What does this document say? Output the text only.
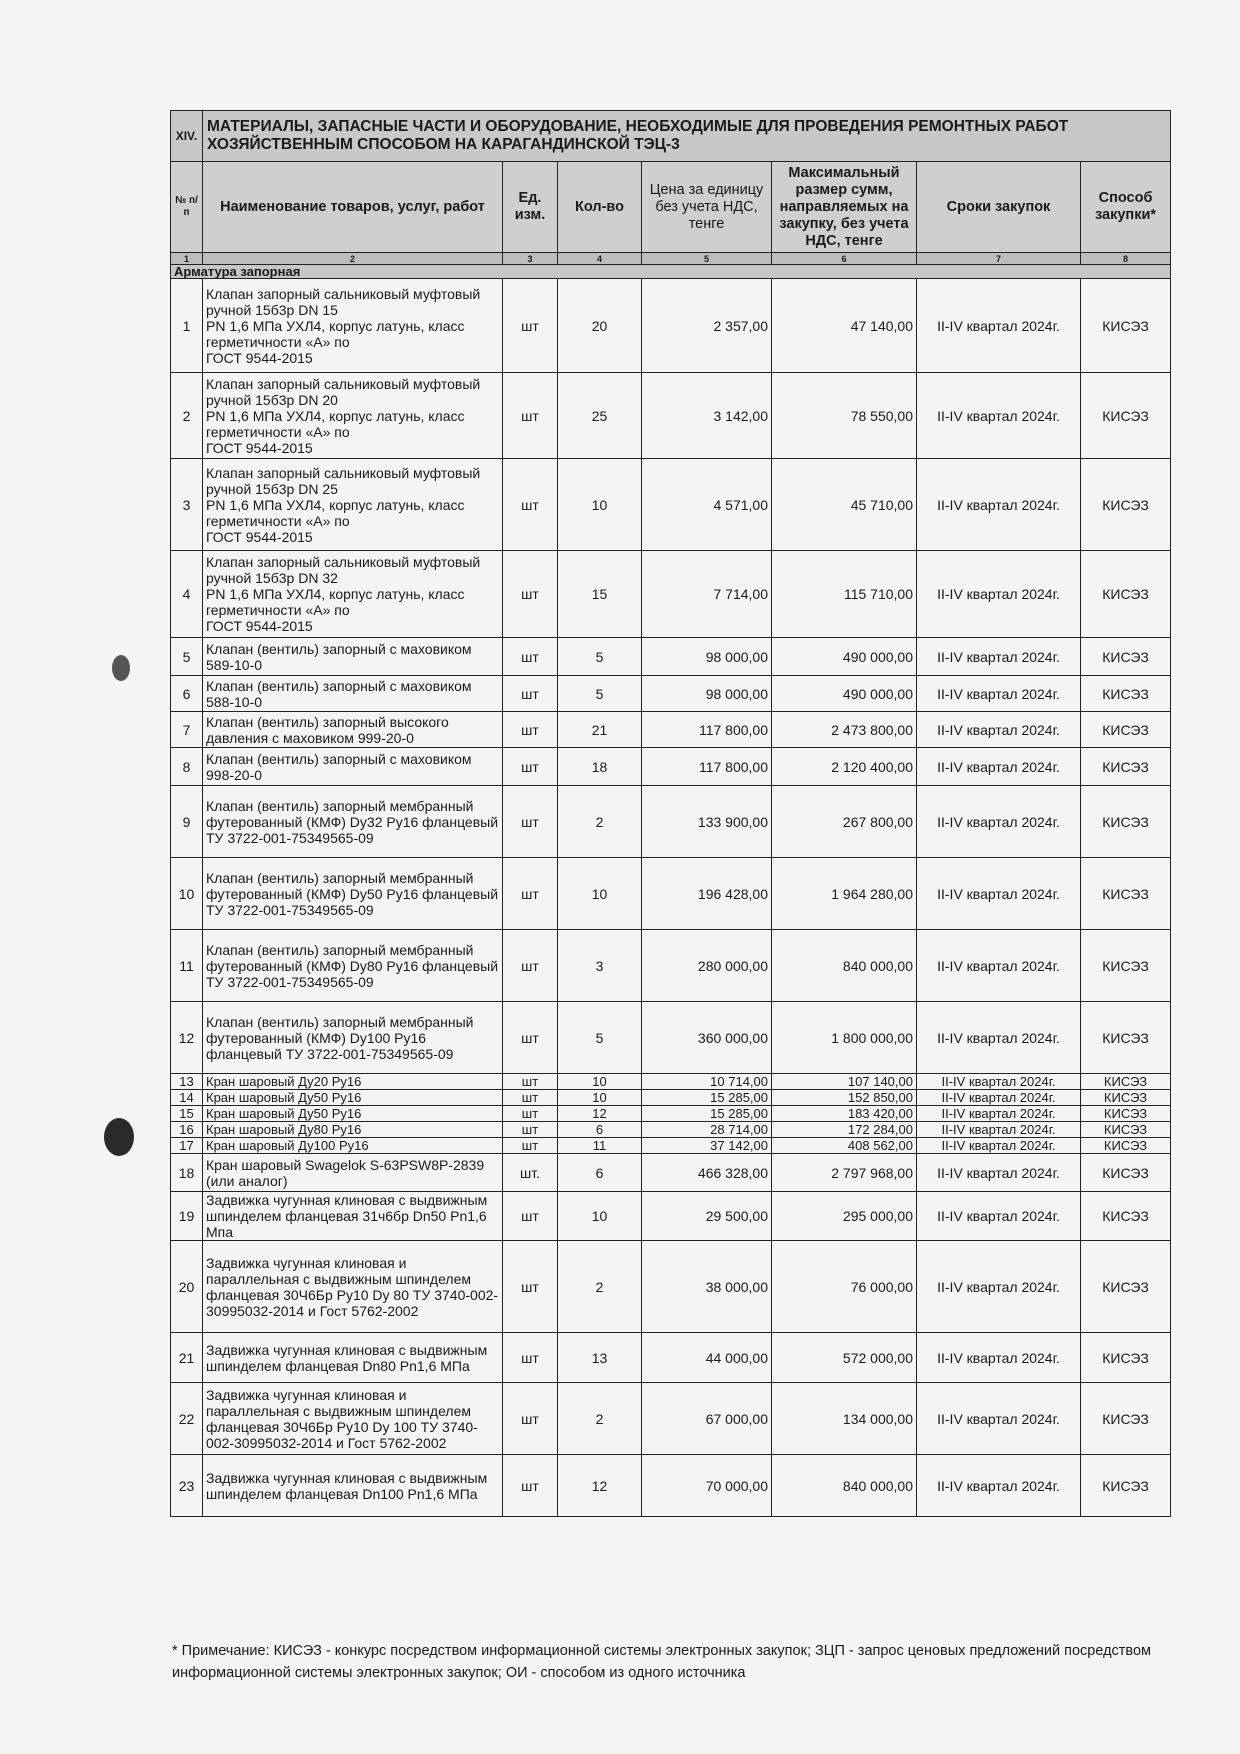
XIV.	МАТЕРИАЛЫ, ЗАПАСНЫЕ ЧАСТИ И ОБОРУДОВАНИЕ, НЕОБХОДИМЫЕ ДЛЯ ПРОВЕДЕНИЯ РЕМОНТНЫХ РАБОТ ХОЗЯЙСТВЕННЫМ СПОСОБОМ НА КАРАГАНДИНСКОЙ ТЭЦ-3						
№ п/п	Наименование товаров, услуг, работ	Ед. изм.	Кол-во	Цена за единицу без учета НДС, тенге	Максимальный размер сумм, направляемых на закупку, без учета НДС, тенге	Сроки закупок	Способ закупки*
1	2	3	4	5	6	7	8
Арматура запорная							
1	Клапан запорный сальниковый муфтовый ручной 15б3р DN 15
PN 1,6 МПа УХЛ4, корпус латунь, класс герметичности «А» по
ГОСТ 9544-2015	шт	20	2 357,00	47 140,00	II-IV квартал 2024г.	КИСЭЗ
2	Клапан запорный сальниковый муфтовый ручной 15б3р DN 20
PN 1,6 МПа УХЛ4, корпус латунь, класс герметичности «А» по
ГОСТ 9544-2015	шт	25	3 142,00	78 550,00	II-IV квартал 2024г.	КИСЭЗ
3	Клапан запорный сальниковый муфтовый ручной 15б3р DN 25
PN 1,6 МПа УХЛ4, корпус латунь, класс герметичности «А» по
ГОСТ 9544-2015	шт	10	4 571,00	45 710,00	II-IV квартал 2024г.	КИСЭЗ
4	Клапан запорный сальниковый муфтовый ручной 15б3р DN 32
PN 1,6 МПа УХЛ4, корпус латунь, класс герметичности «А» по
ГОСТ 9544-2015	шт	15	7 714,00	115 710,00	II-IV квартал 2024г.	КИСЭЗ
5	Клапан (вентиль) запорный с маховиком 589-10-0	шт	5	98 000,00	490 000,00	II-IV квартал 2024г.	КИСЭЗ
6	Клапан (вентиль) запорный с маховиком 588-10-0	шт	5	98 000,00	490 000,00	II-IV квартал 2024г.	КИСЭЗ
7	Клапан (вентиль) запорный высокого давления с маховиком 999-20-0	шт	21	117 800,00	2 473 800,00	II-IV квартал 2024г.	КИСЭЗ
8	Клапан (вентиль) запорный с маховиком 998-20-0	шт	18	117 800,00	2 120 400,00	II-IV квартал 2024г.	КИСЭЗ
9	Клапан (вентиль) запорный мембранный футерованный (КМФ) Dy32 Py16 фланцевый ТУ 3722-001-75349565-09	шт	2	133 900,00	267 800,00	II-IV квартал 2024г.	КИСЭЗ
10	Клапан (вентиль) запорный мембранный футерованный (КМФ) Dy50 Py16 фланцевый ТУ 3722-001-75349565-09	шт	10	196 428,00	1 964 280,00	II-IV квартал 2024г.	КИСЭЗ
11	Клапан (вентиль) запорный мембранный футерованный (КМФ) Dy80 Py16 фланцевый ТУ 3722-001-75349565-09	шт	3	280 000,00	840 000,00	II-IV квартал 2024г.	КИСЭЗ
12	Клапан (вентиль) запорный мембранный футерованный (КМФ) Dy100 Py16 фланцевый ТУ 3722-001-75349565-09	шт	5	360 000,00	1 800 000,00	II-IV квартал 2024г.	КИСЭЗ
13	Кран шаровый Ду20 Ру16	шт	10	10 714,00	107 140,00	II-IV квартал 2024г.	КИСЭЗ
14	Кран шаровый Ду50 Ру16	шт	10	15 285,00	152 850,00	II-IV квартал 2024г.	КИСЭЗ
15	Кран шаровый Ду50 Ру16	шт	12	15 285,00	183 420,00	II-IV квартал 2024г.	КИСЭЗ
16	Кран шаровый Ду80 Ру16	шт	6	28 714,00	172 284,00	II-IV квартал 2024г.	КИСЭЗ
17	Кран шаровый Ду100 Ру16	шт	11	37 142,00	408 562,00	II-IV квартал 2024г.	КИСЭЗ
18	Кран шаровый Swagelok S-63PSW8P-2839 (или аналог)	шт.	6	466 328,00	2 797 968,00	II-IV квартал 2024г.	КИСЭЗ
19	Задвижка чугунная клиновая с выдвижным шпинделем фланцевая 31ч6бр Dn50 Pn1,6 Мпа	шт	10	29 500,00	295 000,00	II-IV квартал 2024г.	КИСЭЗ
20	Задвижка чугунная клиновая и параллельная с выдвижным шпинделем фланцевая 30Ч6Бр Ру10 Dy 80 ТУ 3740-002-30995032-2014 и Гост 5762-2002	шт	2	38 000,00	76 000,00	II-IV квартал 2024г.	КИСЭЗ
21	Задвижка чугунная клиновая с выдвижным шпинделем фланцевая Dn80 Pn1,6 МПа	шт	13	44 000,00	572 000,00	II-IV квартал 2024г.	КИСЭЗ
22	Задвижка чугунная клиновая и параллельная с выдвижным шпинделем фланцевая 30Ч6Бр Ру10 Dy 100 ТУ 3740-002-30995032-2014 и Гост 5762-2002	шт	2	67 000,00	134 000,00	II-IV квартал 2024г.	КИСЭЗ
23	Задвижка чугунная клиновая с выдвижным шпинделем фланцевая Dn100 Pn1,6 МПа	шт	12	70 000,00	840 000,00	II-IV квартал 2024г.	КИСЭЗ
* Примечание: КИСЭЗ - конкурс посредством информационной системы электронных закупок; ЗЦП - запрос ценовых предложений посредством информационной системы электронных закупок; ОИ - способом из одного источника
